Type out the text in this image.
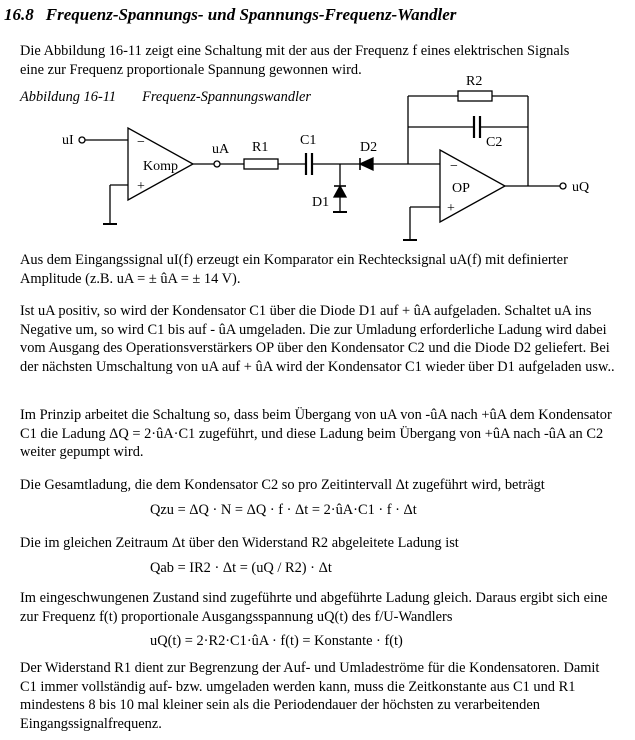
16.8 Frequenz-Spannungs- und Spannungs-Frequenz-Wandler

Die Abbildung 16-11 zeigt eine Schaltung mit der aus der Frequenz f eines elektrischen Signals eine zur Frequenz proportionale Spannung gewonnen wird.

Abbildung 16-11 Frequenz-Spannungswandler
uI
Komp
−
+
uA R1 C1	D2
D1
R2
C2
−
+
OP	uQ

Aus dem Eingangssignal uI(f) erzeugt ein Komparator ein Rechtecksignal uA(f) mit definierter Amplitude (z.B. uA = ± ûA = ± 14 V).

Ist uA positiv, so wird der Kondensator C1 über die Diode D1 auf + ûA aufgeladen. Schaltet uA ins Negative um, so wird C1 bis auf - ûA umgeladen. Die zur Umladung erforderliche Ladung wird dabei vom Ausgang des Operationsverstärkers OP über den Kondensator C2 und die Diode D2 geliefert. Bei der nächsten Umschaltung von uA auf + ûA wird der Kondensator C1 wieder über D1 aufgeladen usw..

Im Prinzip arbeitet die Schaltung so, dass beim Übergang von uA von -ûA nach +ûA dem Kondensator C1 die Ladung ΔQ = 2·ûA·C1 zugeführt, und diese Ladung beim Übergang von +ûA nach -ûA an C2 weiter gepumpt wird.

Die Gesamtladung, die dem Kondensator C2 so pro Zeitintervall Δt zugeführt wird, beträgt

Qzu = ΔQ · N = ΔQ · f · Δt = 2·ûA·C1 · f · Δt

Die im gleichen Zeitraum Δt über den Widerstand R2 abgeleitete Ladung ist

Qab = IR2 · Δt = (uQ / R2) · Δt

Im eingeschwungenen Zustand sind zugeführte und abgeführte Ladung gleich. Daraus ergibt sich eine zur Frequenz f(t) proportionale Ausgangsspannung uQ(t) des f/U-Wandlers

uQ(t) = 2·R2·C1·ûA · f(t) = Konstante · f(t)

Der Widerstand R1 dient zur Begrenzung der Auf- und Umladeströme für die Kondensatoren. Damit C1 immer vollständig auf- bzw. umgeladen werden kann, muss die Zeitkonstante aus C1 und R1 mindestens 8 bis 10 mal kleiner sein als die Periodendauer der höchsten zu verarbeitenden Eingangssignalfrequenz.
